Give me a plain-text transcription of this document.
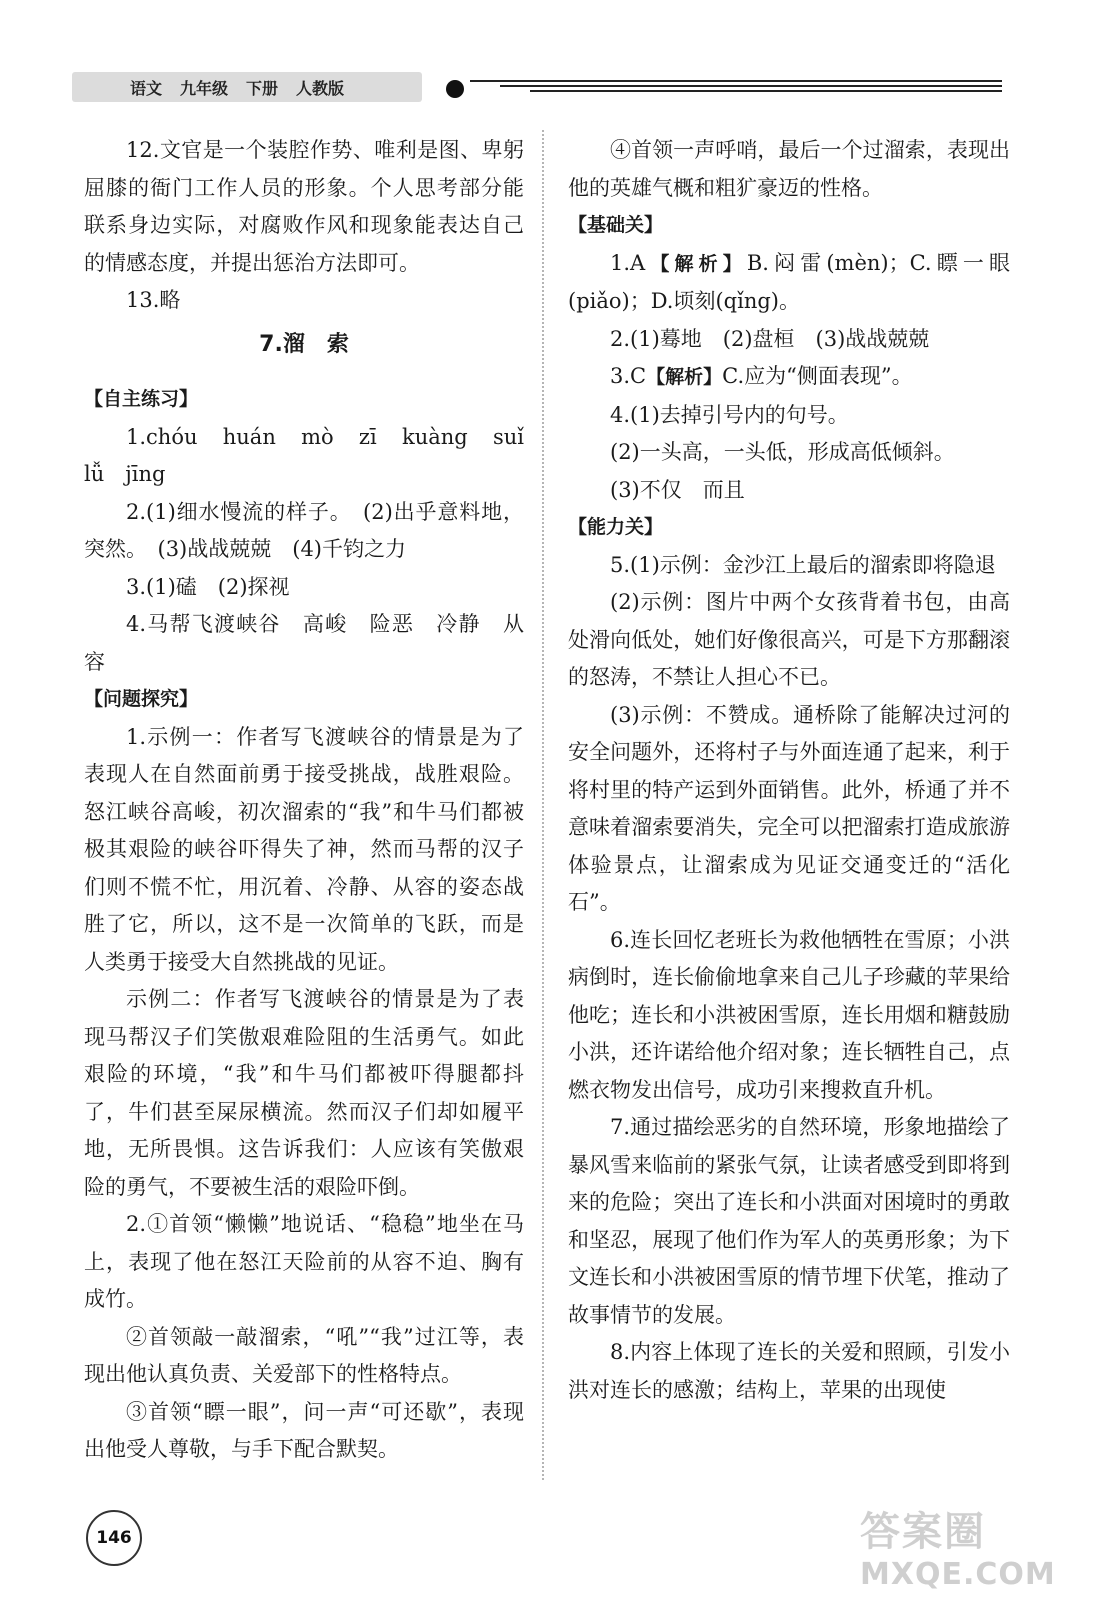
语文 九年级 下册 人教版

12.文官是一个装腔作势、唯利是图、卑躬屈膝的衙门工作人员的形象。个人思考部分能联系身边实际，对腐败作风和现象能表达自己的情感态度，并提出惩治方法即可。

13.略

7.溜　索

【自主练习】

1.chóu　huán　mò　zī　kuàng　suǐ　lǚ　jīng

2.(1)细水慢流的样子。　(2)出乎意料地，突然。　(3)战战兢兢　(4)千钧之力

3.(1)磕　(2)探视

4.马帮飞渡峡谷　高峻　险恶　冷静　从容

【问题探究】

1.示例一：作者写飞渡峡谷的情景是为了表现人在自然面前勇于接受挑战，战胜艰险。怒江峡谷高峻，初次溜索的“我”和牛马们都被极其艰险的峡谷吓得失了神，然而马帮的汉子们则不慌不忙，用沉着、冷静、从容的姿态战胜了它，所以，这不是一次简单的飞跃，而是人类勇于接受大自然挑战的见证。

示例二：作者写飞渡峡谷的情景是为了表现马帮汉子们笑傲艰难险阻的生活勇气。如此艰险的环境，“我”和牛马们都被吓得腿都抖了，牛们甚至屎尿横流。然而汉子们却如履平地，无所畏惧。这告诉我们：人应该有笑傲艰险的勇气，不要被生活的艰险吓倒。

2.①首领“懒懒”地说话、“稳稳”地坐在马上，表现了他在怒江天险前的从容不迫、胸有成竹。

②首领敲一敲溜索，“吼”“我”过江等，表现出他认真负责、关爱部下的性格特点。

③首领“瞟一眼”，问一声“可还歇”，表现出他受人尊敬，与手下配合默契。

④首领一声呼哨，最后一个过溜索，表现出他的英雄气概和粗犷豪迈的性格。

【基础关】

1.A【解析】B.闷雷(mèn)；C.瞟一眼(piǎo)；D.顷刻(qǐng)。

2.(1)蓦地　(2)盘桓　(3)战战兢兢

3.C【解析】C.应为“侧面表现”。

4.(1)去掉引号内的句号。

(2)一头高，一头低，形成高低倾斜。

(3)不仅　而且

【能力关】

5.(1)示例：金沙江上最后的溜索即将隐退

(2)示例：图片中两个女孩背着书包，由高处滑向低处，她们好像很高兴，可是下方那翻滚的怒涛，不禁让人担心不已。

(3)示例：不赞成。通桥除了能解决过河的安全问题外，还将村子与外面连通了起来，利于将村里的特产运到外面销售。此外，桥通了并不意味着溜索要消失，完全可以把溜索打造成旅游体验景点，让溜索成为见证交通变迁的“活化石”。

6.连长回忆老班长为救他牺牲在雪原；小洪病倒时，连长偷偷地拿来自己儿子珍藏的苹果给他吃；连长和小洪被困雪原，连长用烟和糖鼓励小洪，还许诺给他介绍对象；连长牺牲自己，点燃衣物发出信号，成功引来搜救直升机。

7.通过描绘恶劣的自然环境，形象地描绘了暴风雪来临前的紧张气氛，让读者感受到即将到来的危险；突出了连长和小洪面对困境时的勇敢和坚忍，展现了他们作为军人的英勇形象；为下文连长和小洪被困雪原的情节埋下伏笔，推动了故事情节的发展。

8.内容上体现了连长的关爱和照顾，引发小洪对连长的感激；结构上，苹果的出现使

146	答案圈
MXQE.COM
